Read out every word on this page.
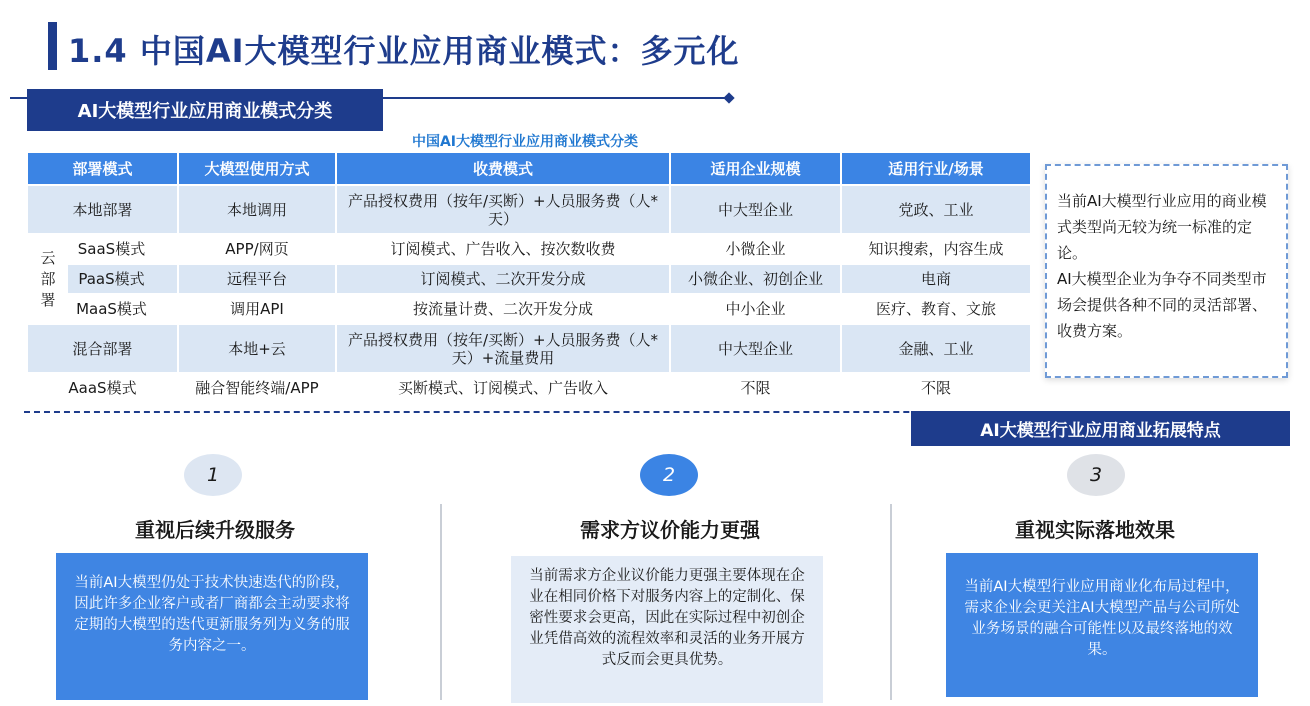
1.4 中国AI大模型行业应用商业模式：多元化
AI大模型行业应用商业模式分类
中国AI大模型行业应用商业模式分类
部署模式	大模型使用方式	收费模式	适用企业规模	适用行业/场景
本地部署	本地调用	产品授权费用（按年/买断）+人员服务费（人*天）	中大型企业	党政、工业

云部署
SaaS模式	APP/网页	订阅模式、广告收入、按次数收费	小微企业	知识搜索，内容生成
PaaS模式	远程平台	订阅模式、二次开发分成	小微企业、初创企业	电商
MaaS模式	调用API	按流量计费、二次开发分成	中小企业	医疗、教育、文旅
混合部署	本地+云	产品授权费用（按年/买断）+人员服务费（人*天）+流量费用	中大型企业	金融、工业
AaaS模式	融合智能终端/APP	买断模式、订阅模式、广告收入	不限	不限

当前AI大模型行业应用的商业模式类型尚无较为统一标准的定论。

AI大模型企业为争夺不同类型市场会提供各种不同的灵活部署、收费方案。

AI大模型行业应用商业拓展特点
1	2	3
重视后续升级服务	需求方议价能力更强	重视实际落地效果

当前AI大模型仍处于技术快速迭代的阶段，因此许多企业客户或者厂商都会主动要求将定期的大模型的迭代更新服务列为义务的服务内容之一。

当前需求方企业议价能力更强主要体现在企业在相同价格下对服务内容上的定制化、保密性要求会更高，因此在实际过程中初创企业凭借高效的流程效率和灵活的业务开展方式反而会更具优势。

当前AI大模型行业应用商业化布局过程中，需求企业会更关注AI大模型产品与公司所处业务场景的融合可能性以及最终落地的效果。
